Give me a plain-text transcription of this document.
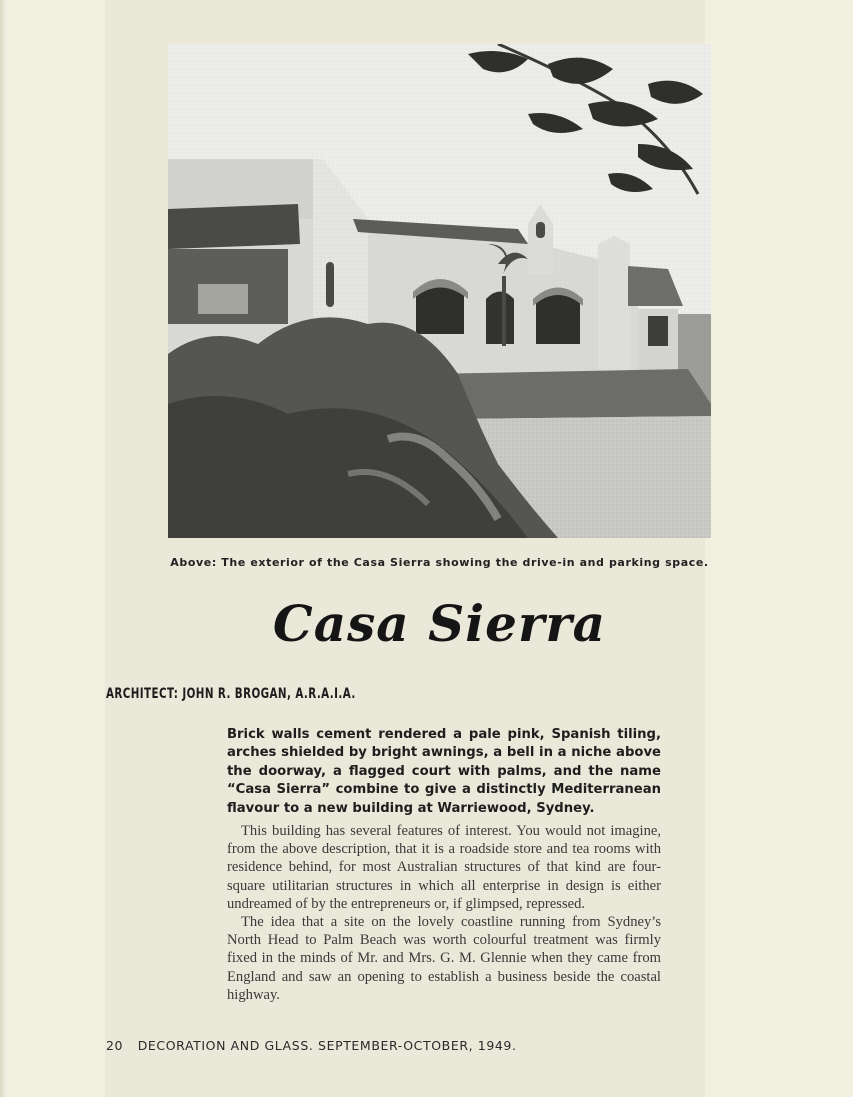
Above: The exterior of the Casa Sierra showing the drive-in and parking space.
Casa Sierra
ARCHITECT: JOHN R. BROGAN, A.R.A.I.A.

Brick walls cement rendered a pale pink, Spanish tiling, arches shielded by bright awnings, a bell in a niche above the doorway, a flagged court with palms, and the name “Casa Sierra” combine to give a distinctly Mediterranean flavour to a new building at Warriewood, Sydney.

This building has several features of interest. You would not imagine, from the above description, that it is a roadside store and tea rooms with residence behind, for most Australian structures of that kind are four-square utilitarian structures in which all enterprise in design is either undreamed of by the entrepreneurs or, if glimpsed, repressed.

The idea that a site on the lovely coastline running from Sydney’s North Head to Palm Beach was worth colourful treatment was firmly fixed in the minds of Mr. and Mrs. G. M. Glennie when they came from England and saw an opening to establish a business beside the coastal highway.

20 DECORATION AND GLASS. SEPTEMBER-OCTOBER, 1949.
